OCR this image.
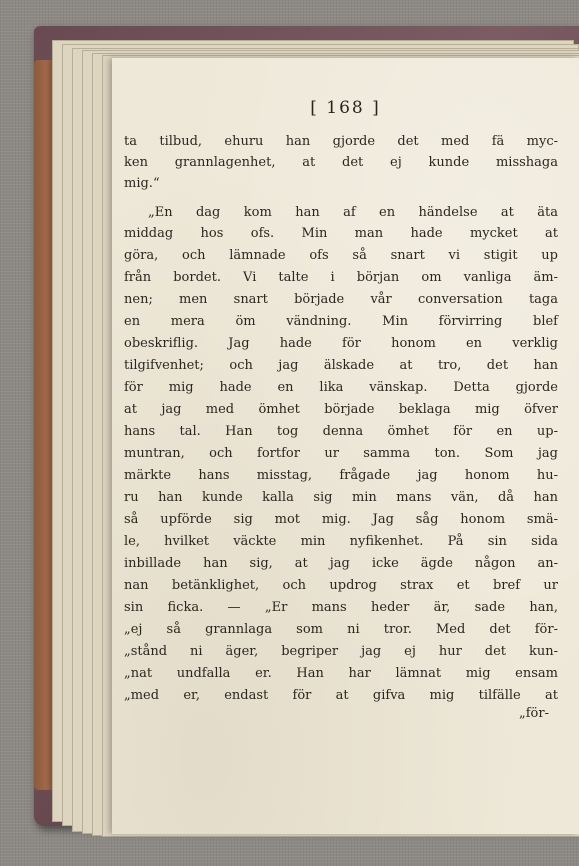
[ 168 ]
ta tilbud, ehuru han gjorde det med fä myc-
ken grannlagenhet, at det ej kunde misshaga
mig.“
„En dag kom han af en händelse at äta
middag hos ofs. Min man hade mycket at
göra, och lämnade ofs så snart vi stigit up
från bordet. Vi talte i början om vanliga äm-
nen; men snart började vår conversation taga
en mera öm vändning. Min förvirring blef
obeskriflig. Jag hade för honom en verklig
tilgifvenhet; och jag älskade at tro, det han
för mig hade en lika vänskap. Detta gjorde
at jag med ömhet började beklaga mig öfver
hans tal. Han tog denna ömhet för en up-
muntran, och fortfor ur samma ton. Som jag
märkte hans misstag, frågade jag honom hu-
ru han kunde kalla sig min mans vän, då han
så upförde sig mot mig. Jag såg honom smä-
le, hvilket väckte min nyfikenhet. På sin sida
inbillade han sig, at jag icke ägde någon an-
nan betänklighet, och updrog strax et bref ur
sin ficka. — „Er mans heder är, sade han,
„ej så grannlaga som ni tror. Med det för-
„stånd ni äger, begriper jag ej hur det kun-
„nat undfalla er. Han har lämnat mig ensam
„med er, endast för at gifva mig tilfälle at
„för-
